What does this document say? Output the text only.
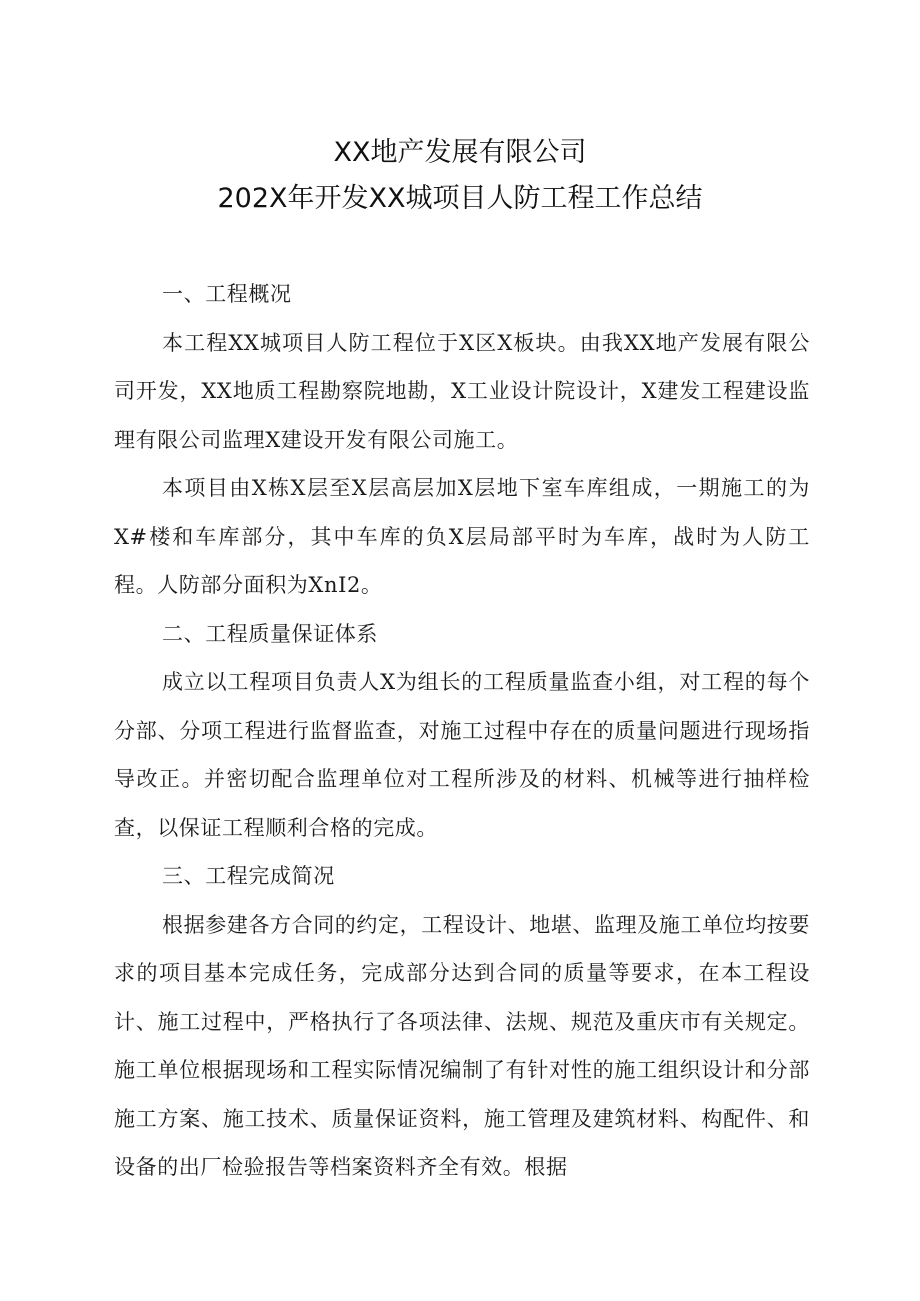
XX地产发展有限公司

202X年开发XX城项目人防工程工作总结

一、工程概况

本工程XX城项目人防工程位于X区X板块。由我XX地产发展有限公司开发，XX地质工程勘察院地勘，X工业设计院设计，X建发工程建设监理有限公司监理X建设开发有限公司施工。

本项目由X栋X层至X层高层加X层地下室车库组成，一期施工的为X#楼和车库部分，其中车库的负X层局部平时为车库，战时为人防工程。人防部分面积为XnI2。

二、工程质量保证体系

成立以工程项目负责人X为组长的工程质量监查小组，对工程的每个分部、分项工程进行监督监查，对施工过程中存在的质量问题进行现场指导改正。并密切配合监理单位对工程所涉及的材料、机械等进行抽样检查，以保证工程顺利合格的完成。

三、工程完成简况

根据参建各方合同的约定，工程设计、地堪、监理及施工单位均按要求的项目基本完成任务，完成部分达到合同的质量等要求，在本工程设计、施工过程中，严格执行了各项法律、法规、规范及重庆市有关规定。施工单位根据现场和工程实际情况编制了有针对性的施工组织设计和分部施工方案、施工技术、质量保证资料，施工管理及建筑材料、构配件、和设备的出厂检验报告等档案资料齐全有效。根据
